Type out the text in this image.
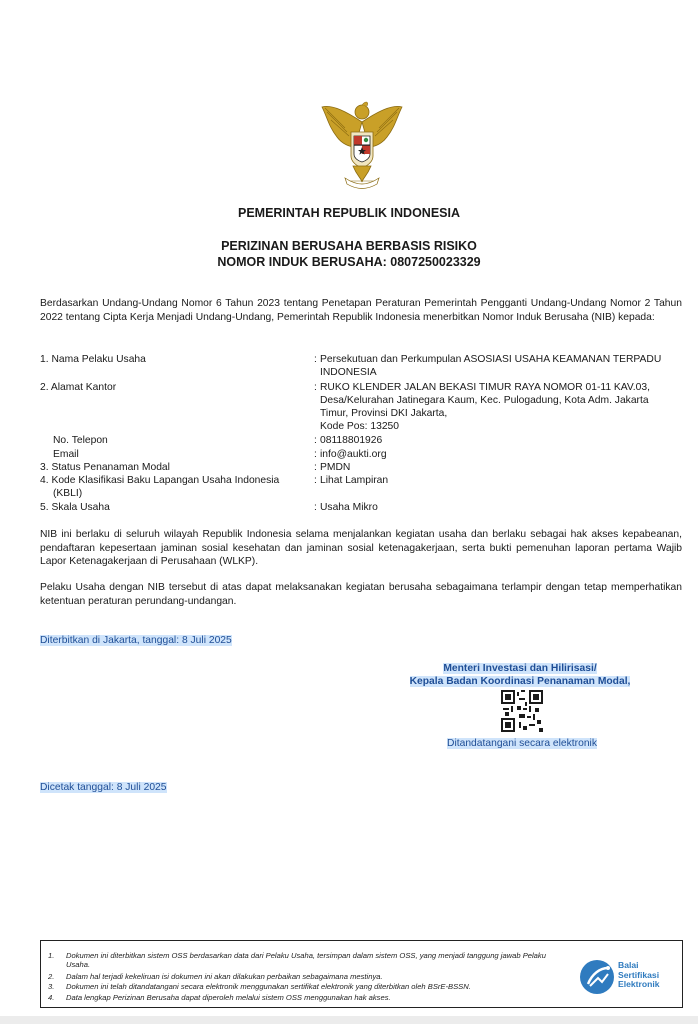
PEMERINTAH REPUBLIK INDONESIA
PERIZINAN BERUSAHA BERBASIS RISIKO
NOMOR INDUK BERUSAHA: 0807250023329
Berdasarkan Undang-Undang Nomor 6 Tahun 2023 tentang Penetapan Peraturan Pemerintah Pengganti Undang-Undang Nomor 2 Tahun 2022 tentang Cipta Kerja Menjadi Undang-Undang, Pemerintah Republik Indonesia menerbitkan Nomor Induk Berusaha (NIB) kepada:
1. Nama Pelaku Usaha	: Persekutuan dan Perkumpulan ASOSIASI USAHA KEAMANAN TERPADU INDONESIA
2. Alamat Kantor	: RUKO KLENDER JALAN BEKASI TIMUR RAYA NOMOR 01-11 KAV.03, Desa/Kelurahan Jatinegara Kaum, Kec. Pulogadung, Kota Adm. Jakarta Timur, Provinsi DKI Jakarta,
Kode Pos: 13250
No. Telepon	: 08118801926
Email	: info@aukti.org
3. Status Penanaman Modal	: PMDN
4. Kode Klasifikasi Baku Lapangan Usaha Indonesia
(KBLI)
: Lihat Lampiran
5. Skala Usaha	: Usaha Mikro
NIB ini berlaku di seluruh wilayah Republik Indonesia selama menjalankan kegiatan usaha dan berlaku sebagai hak akses kepabeanan, pendaftaran kepesertaan jaminan sosial kesehatan dan jaminan sosial ketenagakerjaan, serta bukti pemenuhan laporan pertama Wajib Lapor Ketenagakerjaan di Perusahaan (WLKP).
Pelaku Usaha dengan NIB tersebut di atas dapat melaksanakan kegiatan berusaha sebagaimana terlampir dengan tetap memperhatikan ketentuan peraturan perundang-undangan.
Diterbitkan di Jakarta, tanggal: 8 Juli 2025
Menteri Investasi dan Hilirisasi/
Kepala Badan Koordinasi Penanaman Modal,
Ditandatangani secara elektronik
Dicetak tanggal: 8 Juli 2025
1. Dokumen ini diterbitkan sistem OSS berdasarkan data dari Pelaku Usaha, tersimpan dalam sistem OSS, yang menjadi tanggung jawab Pelaku Usaha.
2. Dalam hal terjadi kekeliruan isi dokumen ini akan dilakukan perbaikan sebagaimana mestinya.
3. Dokumen ini telah ditandatangani secara elektronik menggunakan sertifikat elektronik yang diterbitkan oleh BSrE-BSSN.
4. Data lengkap Perizinan Berusaha dapat diperoleh melalui sistem OSS menggunakan hak akses.
Balai
Sertifikasi
Elektronik
